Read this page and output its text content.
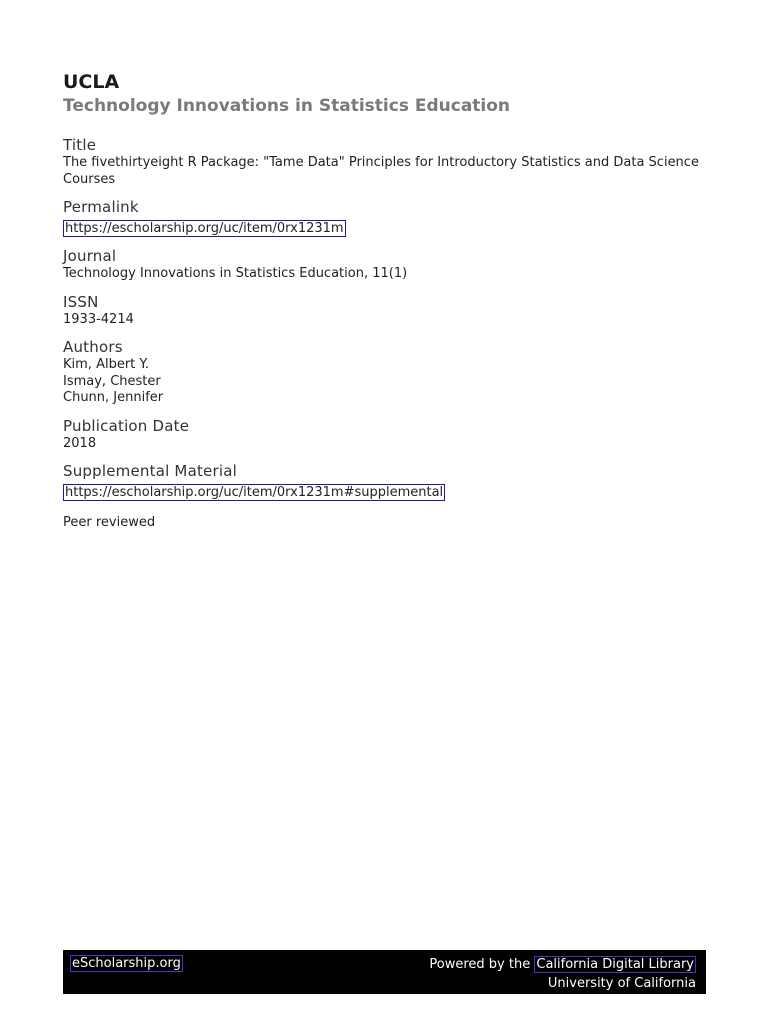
UCLA
Technology Innovations in Statistics Education
Title
The fivethirtyeight R Package: "Tame Data" Principles for Introductory Statistics and Data Science Courses
Permalink
https://escholarship.org/uc/item/0rx1231m
Journal
Technology Innovations in Statistics Education, 11(1)
ISSN
1933-4214
Authors
Kim, Albert Y.
Ismay, Chester
Chunn, Jennifer
Publication Date
2018
Supplemental Material
https://escholarship.org/uc/item/0rx1231m#supplemental
Peer reviewed
eScholarship.org	Powered by the California Digital Library
University of California
